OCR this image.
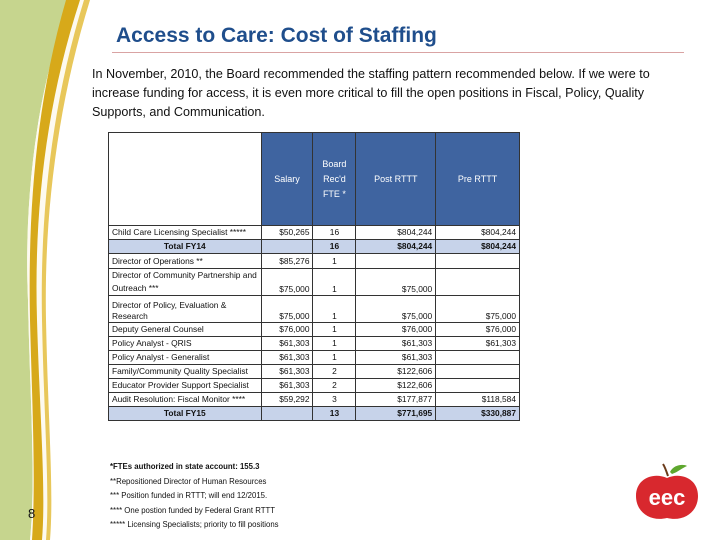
Access to Care: Cost of Staffing
In November, 2010, the Board recommended the staffing pattern recommended below. If we were to increase funding for access, it is even more critical to fill the open positions in Fiscal, Policy, Quality Supports, and Communication.
	Salary	Board Rec'd FTE *	Post RTTT	Pre RTTT
Child Care Licensing Specialist *****	$50,265	16	$804,244	$804,244
Total FY14		16	$804,244	$804,244
Director of Operations **	$85,276	1		
Director of Community Partnership and Outreach ***	$75,000	1	$75,000	
Director of Policy, Evaluation & Research	$75,000	1	$75,000	$75,000
Deputy General Counsel	$76,000	1	$76,000	$76,000
Policy Analyst - QRIS	$61,303	1	$61,303	$61,303
Policy Analyst - Generalist	$61,303	1	$61,303	
Family/Community Quality Specialist	$61,303	2	$122,606	
Educator Provider Support Specialist	$61,303	2	$122,606	
Audit Resolution: Fiscal Monitor ****	$59,292	3	$177,877	$118,584
Total FY15		13	$771,695	$330,887
*FTEs authorized in state account: 155.3
**Repositioned Director of Human Resources
*** Position funded in RTTT; will end 12/2015.
**** One postion funded by Federal Grant RTTT
***** Licensing Specialists; priority to fill positions
8
eec
